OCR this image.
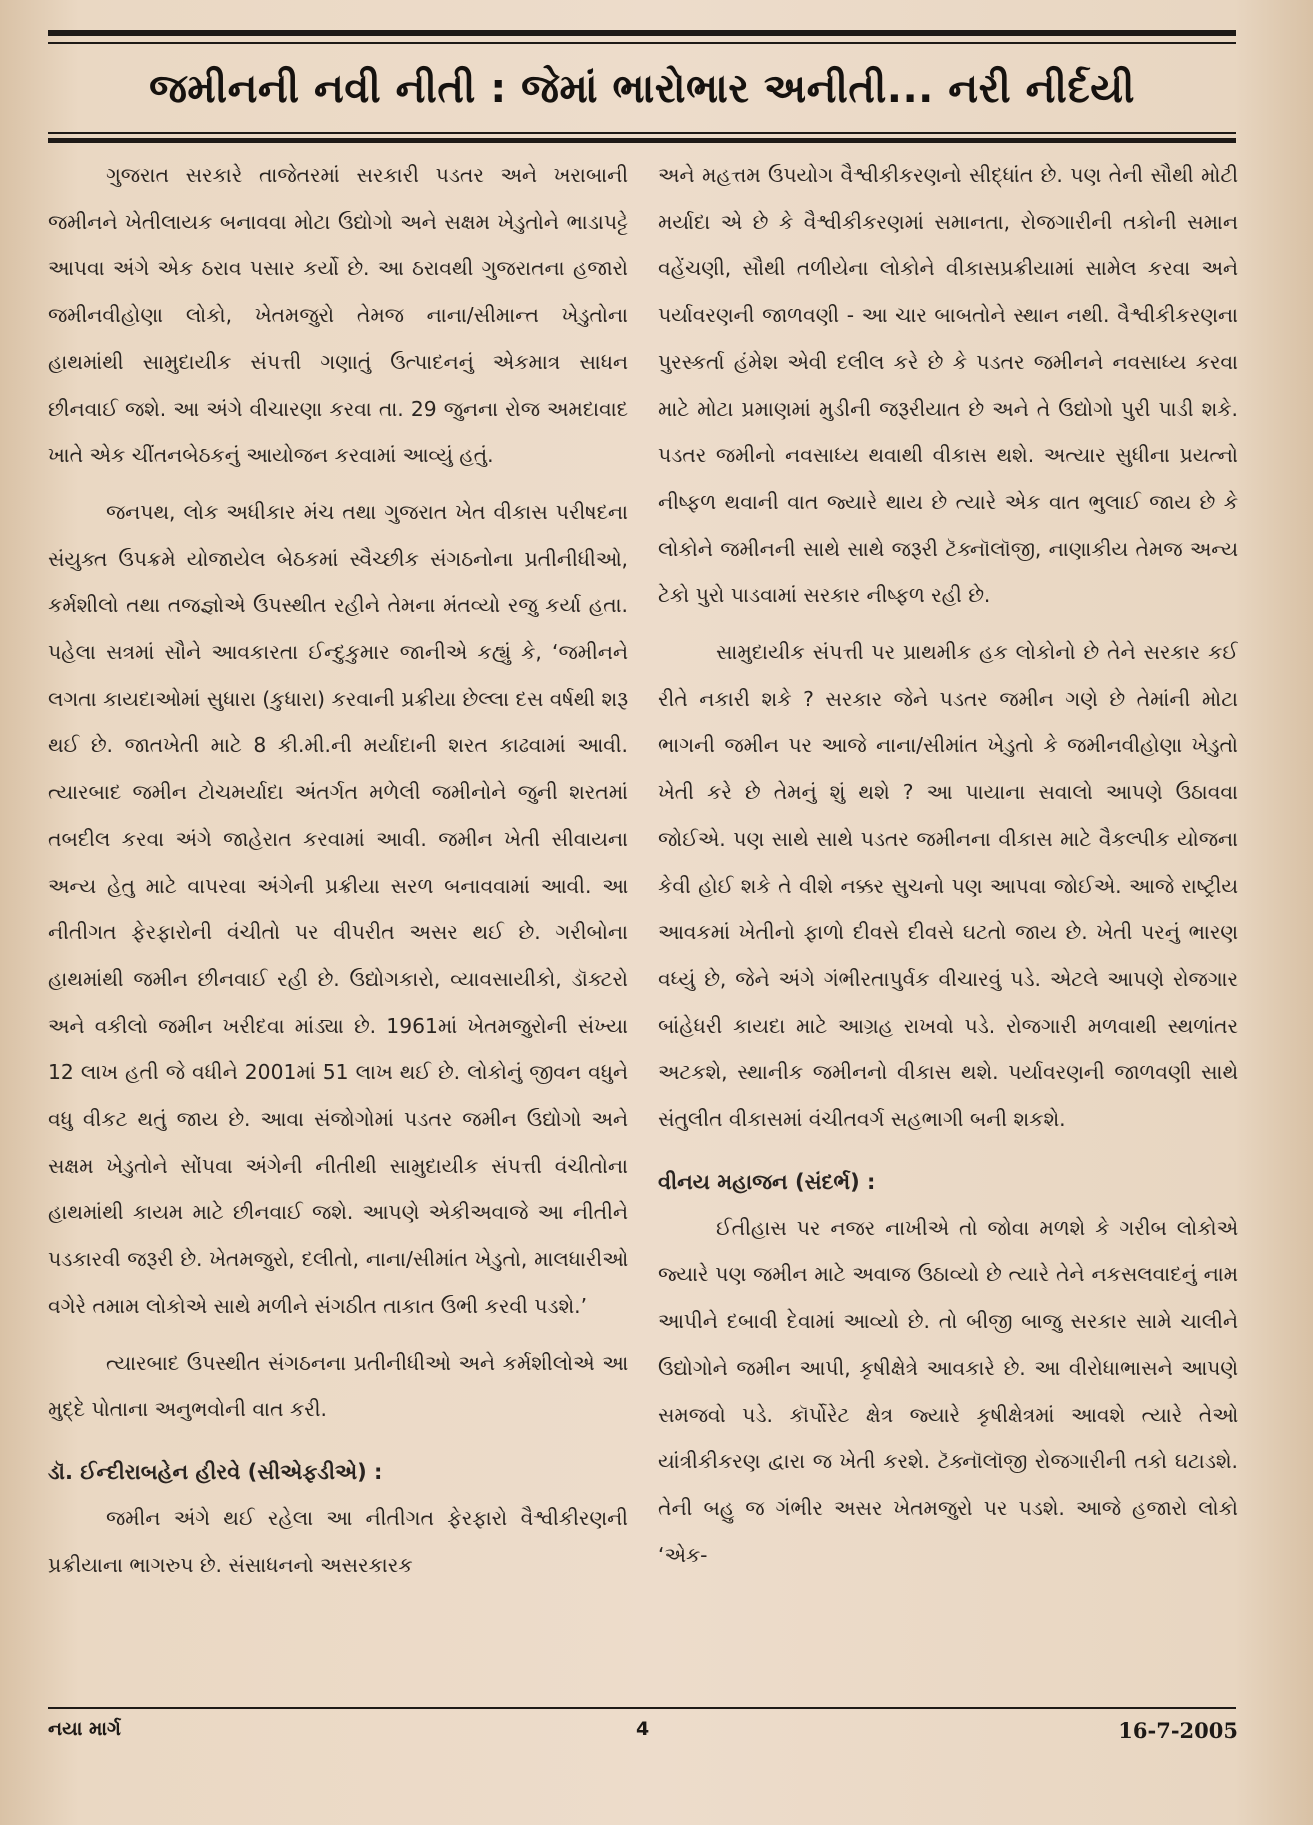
જમીનની નવી નીતી : જેમાં ભારોભાર અનીતી... નરી નીર્દયી

ગુજરાત સરકારે તાજેતરમાં સરકારી પડતર અને ખરાબાની જમીનને ખેતીલાયક બનાવવા મોટા ઉદ્યોગો અને સક્ષમ ખેડુતોને ભાડાપટ્ટે આપવા અંગે એક ઠરાવ પસાર કર્યો છે. આ ઠરાવથી ગુજરાતના હજારો જમીનવીહોણા લોકો, ખેતમજુરો તેમજ નાના/સીમાન્ત ખેડુતોના હાથમાંથી સામુદાયીક સંપત્તી ગણાતું ઉત્પાદનનું એકમાત્ર સાધન છીનવાઈ જશે. આ અંગે વીચારણા કરવા તા. 29 જુનના રોજ અમદાવાદ ખાતે એક ચીંતનબેઠકનું આયોજન કરવામાં આવ્યું હતું.

જનપથ, લોક અધીકાર મંચ તથા ગુજરાત ખેત વીકાસ પરીષદના સંયુક્ત ઉપક્રમે યોજાયેલ બેઠકમાં સ્વૈચ્છીક સંગઠનોના પ્રતીનીધીઓ, કર્મશીલો તથા તજજ્ઞોએ ઉપસ્થીત રહીને તેમના મંતવ્યો રજુ કર્યા હતા. પહેલા સત્રમાં સૌને આવકારતા ઈન્દુકુમાર જાનીએ કહ્યું કે, ‘જમીનને લગતા કાયદાઓમાં સુધારા (કુધારા) કરવાની પ્રક્રીયા છેલ્લા દસ વર્ષથી શરૂ થઈ છે. જાતખેતી માટે 8 કી.મી.ની મર્યાદાની શરત કાઢવામાં આવી. ત્યારબાદ જમીન ટોચમર્યાદા અંતર્ગત મળેલી જમીનોને જુની શરતમાં તબદીલ કરવા અંગે જાહેરાત કરવામાં આવી. જમીન ખેતી સીવાયના અન્ય હેતુ માટે વાપરવા અંગેની પ્રક્રીયા સરળ બનાવવામાં આવી. આ નીતીગત ફેરફારોની વંચીતો પર વીપરીત અસર થઈ છે. ગરીબોના હાથમાંથી જમીન છીનવાઈ રહી છે. ઉદ્યોગકારો, વ્યાવસાયીકો, ડૉક્ટરો અને વકીલો જમીન ખરીદવા માંડ્યા છે. 1961માં ખેતમજુરોની સંખ્યા 12 લાખ હતી જે વધીને 2001માં 51 લાખ થઈ છે. લોકોનું જીવન વધુને વધુ વીકટ થતું જાય છે. આવા સંજોગોમાં પડતર જમીન ઉદ્યોગો અને સક્ષમ ખેડુતોને સોંપવા અંગેની નીતીથી સામુદાયીક સંપત્તી વંચીતોના હાથમાંથી કાયમ માટે છીનવાઈ જશે. આપણે એકીઅવાજે આ નીતીને પડકારવી જરૂરી છે. ખેતમજુરો, દલીતો, નાના/સીમાંત ખેડુતો, માલધારીઓ વગેરે તમામ લોકોએ સાથે મળીને સંગઠીત તાકાત ઉભી કરવી પડશે.’

ત્યારબાદ ઉપસ્થીત સંગઠનના પ્રતીનીધીઓ અને કર્મશીલોએ આ મુદ્દે પોતાના અનુભવોની વાત કરી.

ડૉ. ઈન્દીરાબહેન હીરવે (સીએફડીએ) :

જમીન અંગે થઈ રહેલા આ નીતીગત ફેરફારો વૈશ્વીકીરણની પ્રક્રીયાના ભાગરુપ છે. સંસાધનનો અસરકારક

અને મહત્તમ ઉપયોગ વૈશ્વીકીકરણનો સીદ્ધાંત છે. પણ તેની સૌથી મોટી મર્યાદા એ છે કે વૈશ્વીકીકરણમાં સમાનતા, રોજગારીની તકોની સમાન વહેંચણી, સૌથી તળીયેના લોકોને વીકાસપ્રક્રીયામાં સામેલ કરવા અને પર્યાવરણની જાળવણી - આ ચાર બાબતોને સ્થાન નથી. વૈશ્વીકીકરણના પુરસ્કર્તા હંમેશ એવી દલીલ કરે છે કે પડતર જમીનને નવસાધ્ય કરવા માટે મોટા પ્રમાણમાં મુડીની જરૂરીયાત છે અને તે ઉદ્યોગો પુરી પાડી શકે. પડતર જમીનો નવસાધ્ય થવાથી વીકાસ થશે. અત્યાર સુધીના પ્રયત્નો નીષ્ફળ થવાની વાત જ્યારે થાય છે ત્યારે એક વાત ભુલાઈ જાય છે કે લોકોને જમીનની સાથે સાથે જરૂરી ટૅક્નૉલૉજી, નાણાકીય તેમજ અન્ય ટેકો પુરો પાડવામાં સરકાર નીષ્ફળ રહી છે.

સામુદાયીક સંપત્તી પર પ્રાથમીક હક લોકોનો છે તેને સરકાર કઈ રીતે નકારી શકે ? સરકાર જેને પડતર જમીન ગણે છે તેમાંની મોટા ભાગની જમીન પર આજે નાના/સીમાંત ખેડુતો કે જમીનવીહોણા ખેડુતો ખેતી કરે છે તેમનું શું થશે ? આ પાયાના સવાલો આપણે ઉઠાવવા જોઈએ. પણ સાથે સાથે પડતર જમીનના વીકાસ માટે વૈકલ્પીક યોજના કેવી હોઈ શકે તે વીશે નક્કર સુચનો પણ આપવા જોઈએ. આજે રાષ્ટ્રીય આવકમાં ખેતીનો ફાળો દીવસે દીવસે ઘટતો જાય છે. ખેતી પરનું ભારણ વધ્યું છે, જેને અંગે ગંભીરતાપુર્વક વીચારવું પડે. એટલે આપણે રોજગાર બાંહેધરી કાયદા માટે આગ્રહ રાખવો પડે. રોજગારી મળવાથી સ્થળાંતર અટકશે, સ્થાનીક જમીનનો વીકાસ થશે. પર્યાવરણની જાળવણી સાથે સંતુલીત વીકાસમાં વંચીતવર્ગ સહભાગી બની શકશે.

વીનય મહાજન (સંદર્ભ) :

ઈતીહાસ પર નજર નાખીએ તો જોવા મળશે કે ગરીબ લોકોએ જ્યારે પણ જમીન માટે અવાજ ઉઠાવ્યો છે ત્યારે તેને નકસલવાદનું નામ આપીને દબાવી દેવામાં આવ્યો છે. તો બીજી બાજુ સરકાર સામે ચાલીને ઉદ્યોગોને જમીન આપી, કૃષીક્ષેત્રે આવકારે છે. આ વીરોધાભાસને આપણે સમજવો પડે. કૉર્પોરેટ ક્ષેત્ર જ્યારે કૃષીક્ષેત્રમાં આવશે ત્યારે તેઓ યાંત્રીકીકરણ દ્વારા જ ખેતી કરશે. ટૅક્નૉલૉજી રોજગારીની તકો ઘટાડશે. તેની બહુ જ ગંભીર અસર ખેતમજુરો પર પડશે. આજે હજારો લોકો ‘એક-

નયા માર્ગ	4	16-7-2005
